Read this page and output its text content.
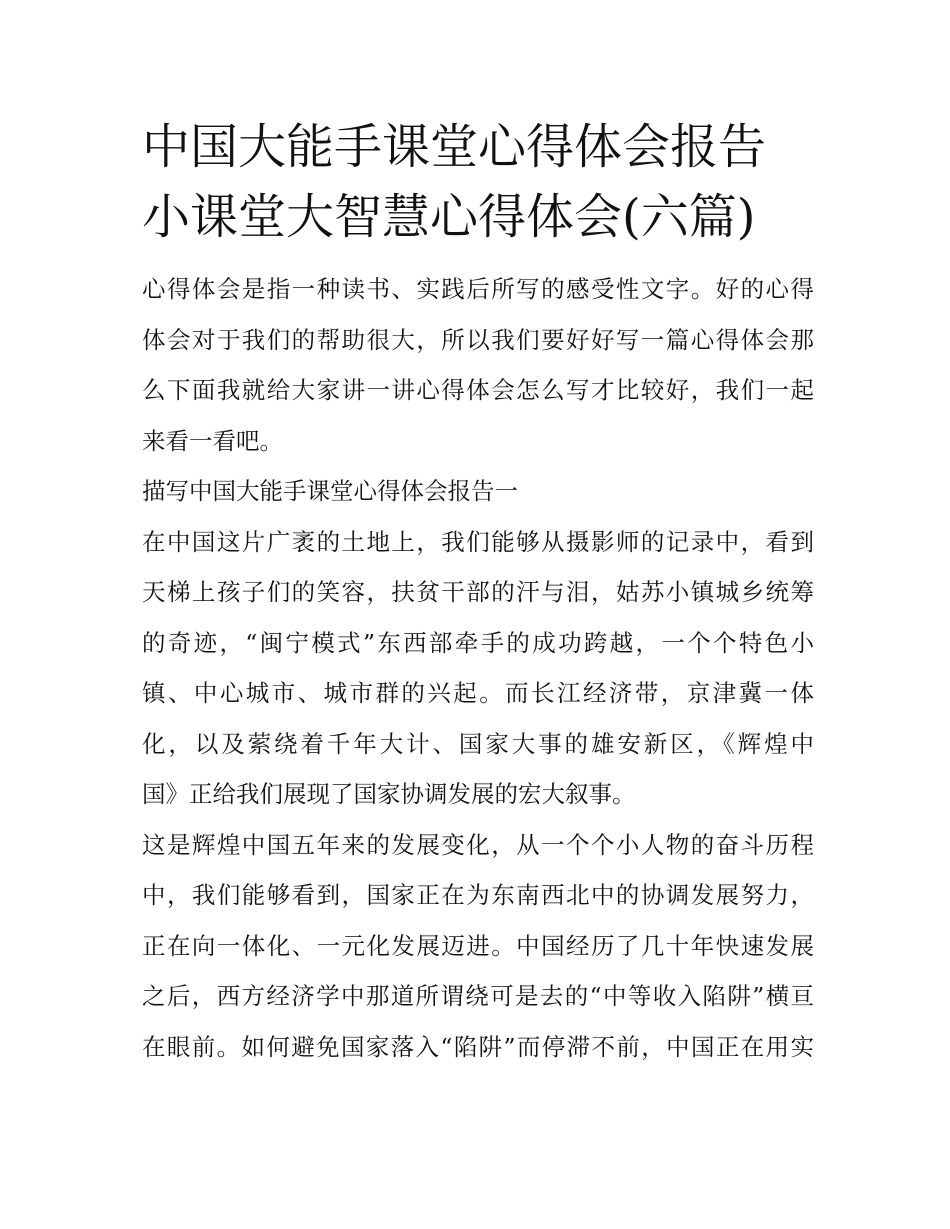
中国大能手课堂心得体会报告
小课堂大智慧心得体会(六篇)

心得体会是指一种读书、实践后所写的感受性文字。好的心得
体会对于我们的帮助很大，所以我们要好好写一篇心得体会那
么下面我就给大家讲一讲心得体会怎么写才比较好，我们一起
来看一看吧。

描写中国大能手课堂心得体会报告一

在中国这片广袤的土地上，我们能够从摄影师的记录中，看到
天梯上孩子们的笑容，扶贫干部的汗与泪，姑苏小镇城乡统筹
的奇迹，“闽宁模式”东西部牵手的成功跨越，一个个特色小
镇、中心城市、城市群的兴起。而长江经济带，京津冀一体
化，以及萦绕着千年大计、国家大事的雄安新区，《辉煌中
国》正给我们展现了国家协调发展的宏大叙事。

这是辉煌中国五年来的发展变化，从一个个小人物的奋斗历程
中，我们能够看到，国家正在为东南西北中的协调发展努力，
正在向一体化、一元化发展迈进。中国经历了几十年快速发展
之后，西方经济学中那道所谓绕可是去的“中等收入陷阱”横亘
在眼前。如何避免国家落入“陷阱”而停滞不前，中国正在用实
